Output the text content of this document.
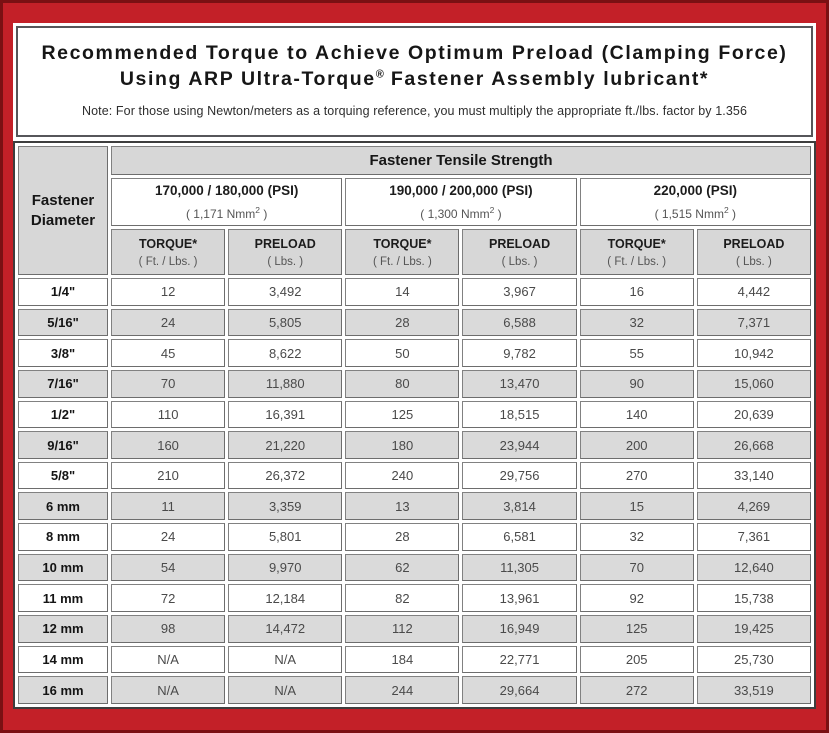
Recommended Torque to Achieve Optimum Preload (Clamping Force)
Using ARP Ultra-Torque® Fastener Assembly lubricant*
Note: For those using Newton/meters as a torquing reference, you must multiply the appropriate ft./lbs. factor by 1.356
Fastener Diameter	Fastener Tensile Strength					

170,000 / 180,000 (PSI)
( 1,171 Nmm$^2$ )

190,000 / 200,000 (PSI)
( 1,300 Nmm$^2$ )

220,000 (PSI)
( 1,515 Nmm$^2$ )

TORQUE*
( Ft. / Lbs. )

PRELOAD
( Lbs. )

TORQUE*
( Ft. / Lbs. )

PRELOAD
( Lbs. )

TORQUE*
( Ft. / Lbs. )

PRELOAD
( Lbs. )

1/4"	12	3,492	14	3,967	16	4,442
5/16"	24	5,805	28	6,588	32	7,371
3/8"	45	8,622	50	9,782	55	10,942
7/16"	70	11,880	80	13,470	90	15,060
1/2"	110	16,391	125	18,515	140	20,639
9/16"	160	21,220	180	23,944	200	26,668
5/8"	210	26,372	240	29,756	270	33,140
6 mm	11	3,359	13	3,814	15	4,269
8 mm	24	5,801	28	6,581	32	7,361
10 mm	54	9,970	62	11,305	70	12,640
11 mm	72	12,184	82	13,961	92	15,738
12 mm	98	14,472	112	16,949	125	19,425
14 mm	N/A	N/A	184	22,771	205	25,730
16 mm	N/A	N/A	244	29,664	272	33,519
